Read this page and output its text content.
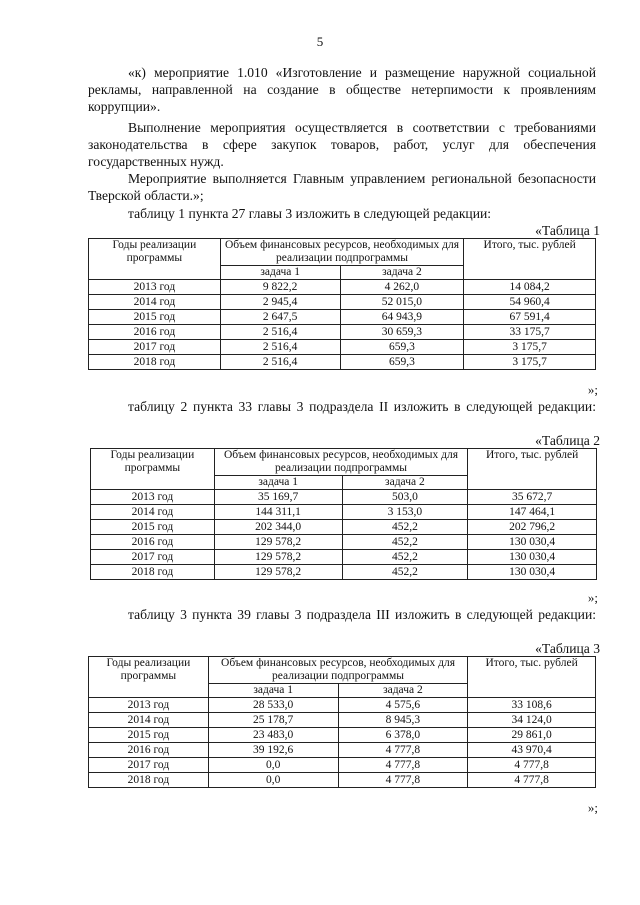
5

«к) мероприятие 1.010 «Изготовление и размещение наружной социальной рекламы, направленной на создание в обществе нетерпимости к проявлениям коррупции».

Выполнение мероприятия осуществляется в соответствии с требованиями законодательства в сфере закупок товаров, работ, услуг для обеспечения государственных нужд.

Мероприятие выполняется Главным управлением региональной безопасности Тверской области.»;

таблицу 1 пункта 27 главы 3 изложить в следующей редакции:

«Таблица 1
Годы реализации программы	Объем финансовых ресурсов, необходимых для реализации подпрограммы		Итого, тыс. рублей
	задача 1	задача 2	
2013 год	9 822,2	4 262,0	14 084,2
2014 год	2 945,4	52 015,0	54 960,4
2015 год	2 647,5	64 943,9	67 591,4
2016 год	2 516,4	30 659,3	33 175,7
2017 год	2 516,4	659,3	3 175,7
2018 год	2 516,4	659,3	3 175,7
»;

таблицу 2 пункта 33 главы 3 подраздела II изложить в следующей редакции:

«Таблица 2
Годы реализации программы	Объем финансовых ресурсов, необходимых для реализации подпрограммы		Итого, тыс. рублей
	задача 1	задача 2	
2013 год	35 169,7	503,0	35 672,7
2014 год	144 311,1	3 153,0	147 464,1
2015 год	202 344,0	452,2	202 796,2
2016 год	129 578,2	452,2	130 030,4
2017 год	129 578,2	452,2	130 030,4
2018 год	129 578,2	452,2	130 030,4
»;

таблицу 3 пункта 39 главы 3 подраздела III изложить в следующей редакции:

«Таблица 3
Годы реализации программы	Объем финансовых ресурсов, необходимых для реализации подпрограммы		Итого, тыс. рублей
	задача 1	задача 2	
2013 год	28 533,0	4 575,6	33 108,6
2014 год	25 178,7	8 945,3	34 124,0
2015 год	23 483,0	6 378,0	29 861,0
2016 год	39 192,6	4 777,8	43 970,4
2017 год	0,0	4 777,8	4 777,8
2018 год	0,0	4 777,8	4 777,8
»;
